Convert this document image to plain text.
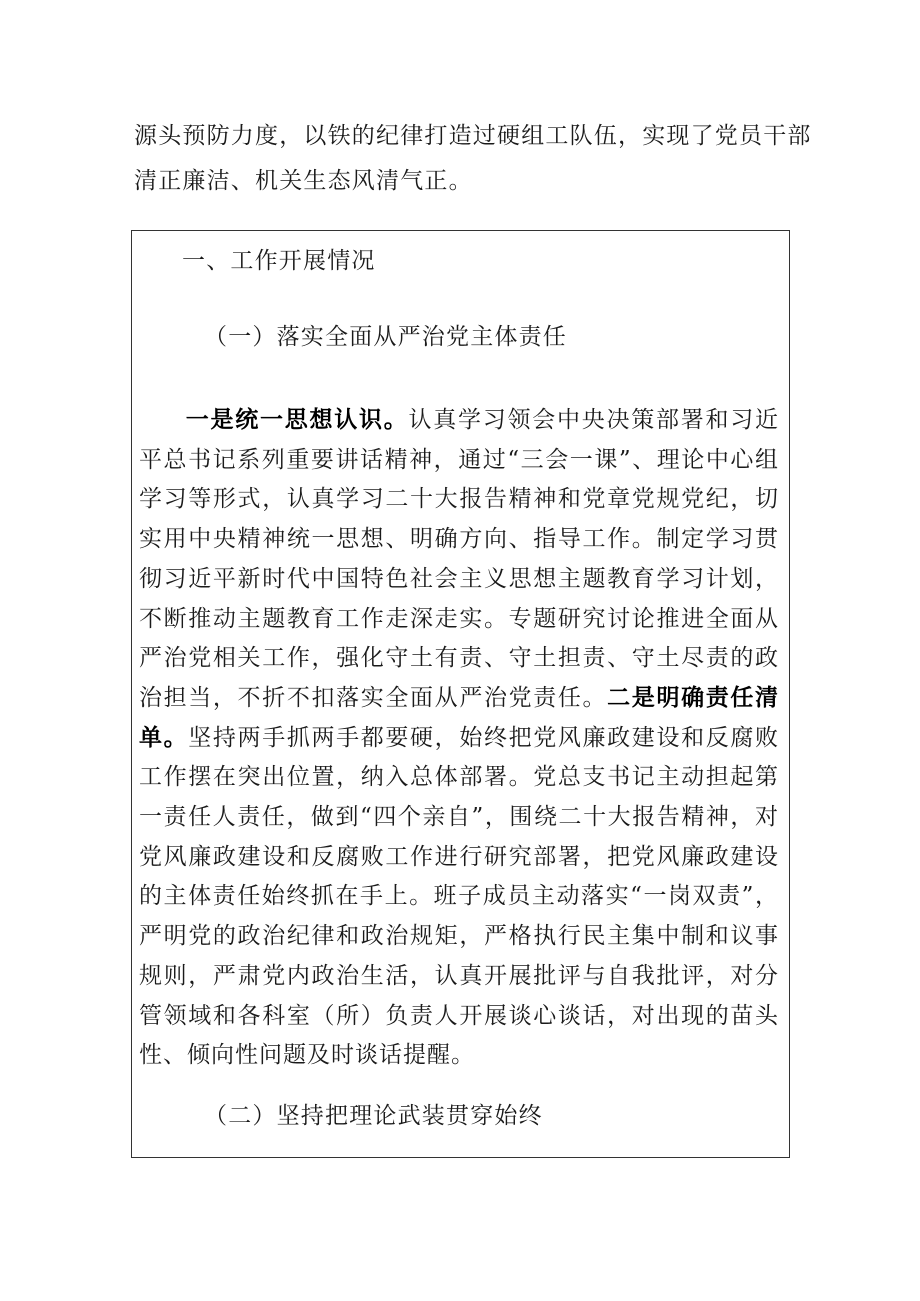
源头预防力度，以铁的纪律打造过硬组工队伍，实现了党员干部
清正廉洁、机关生态风清气正。
一、工作开展情况
（一）落实全面从严治党主体责任
一是统一思想认识。认真学习领会中央决策部署和习近平总书记系列重要讲话精神，通过“三会一课”、理论中心组学习等形式，认真学习二十大报告精神和党章党规党纪，切实用中央精神统一思想、明确方向、指导工作。制定学习贯彻习近平新时代中国特色社会主义思想主题教育学习计划，不断推动主题教育工作走深走实。专题研究讨论推进全面从严治党相关工作，强化守土有责、守土担责、守土尽责的政治担当，不折不扣落实全面从严治党责任。二是明确责任清单。坚持两手抓两手都要硬，始终把党风廉政建设和反腐败工作摆在突出位置，纳入总体部署。党总支书记主动担起第一责任人责任，做到“四个亲自”，围绕二十大报告精神，对党风廉政建设和反腐败工作进行研究部署，把党风廉政建设的主体责任始终抓在手上。班子成员主动落实“一岗双责”，严明党的政治纪律和政治规矩，严格执行民主集中制和议事规则，严肃党内政治生活，认真开展批评与自我批评，对分管领域和各科室（所）负责人开展谈心谈话，对出现的苗头性、倾向性问题及时谈话提醒。
（二）坚持把理论武装贯穿始终
